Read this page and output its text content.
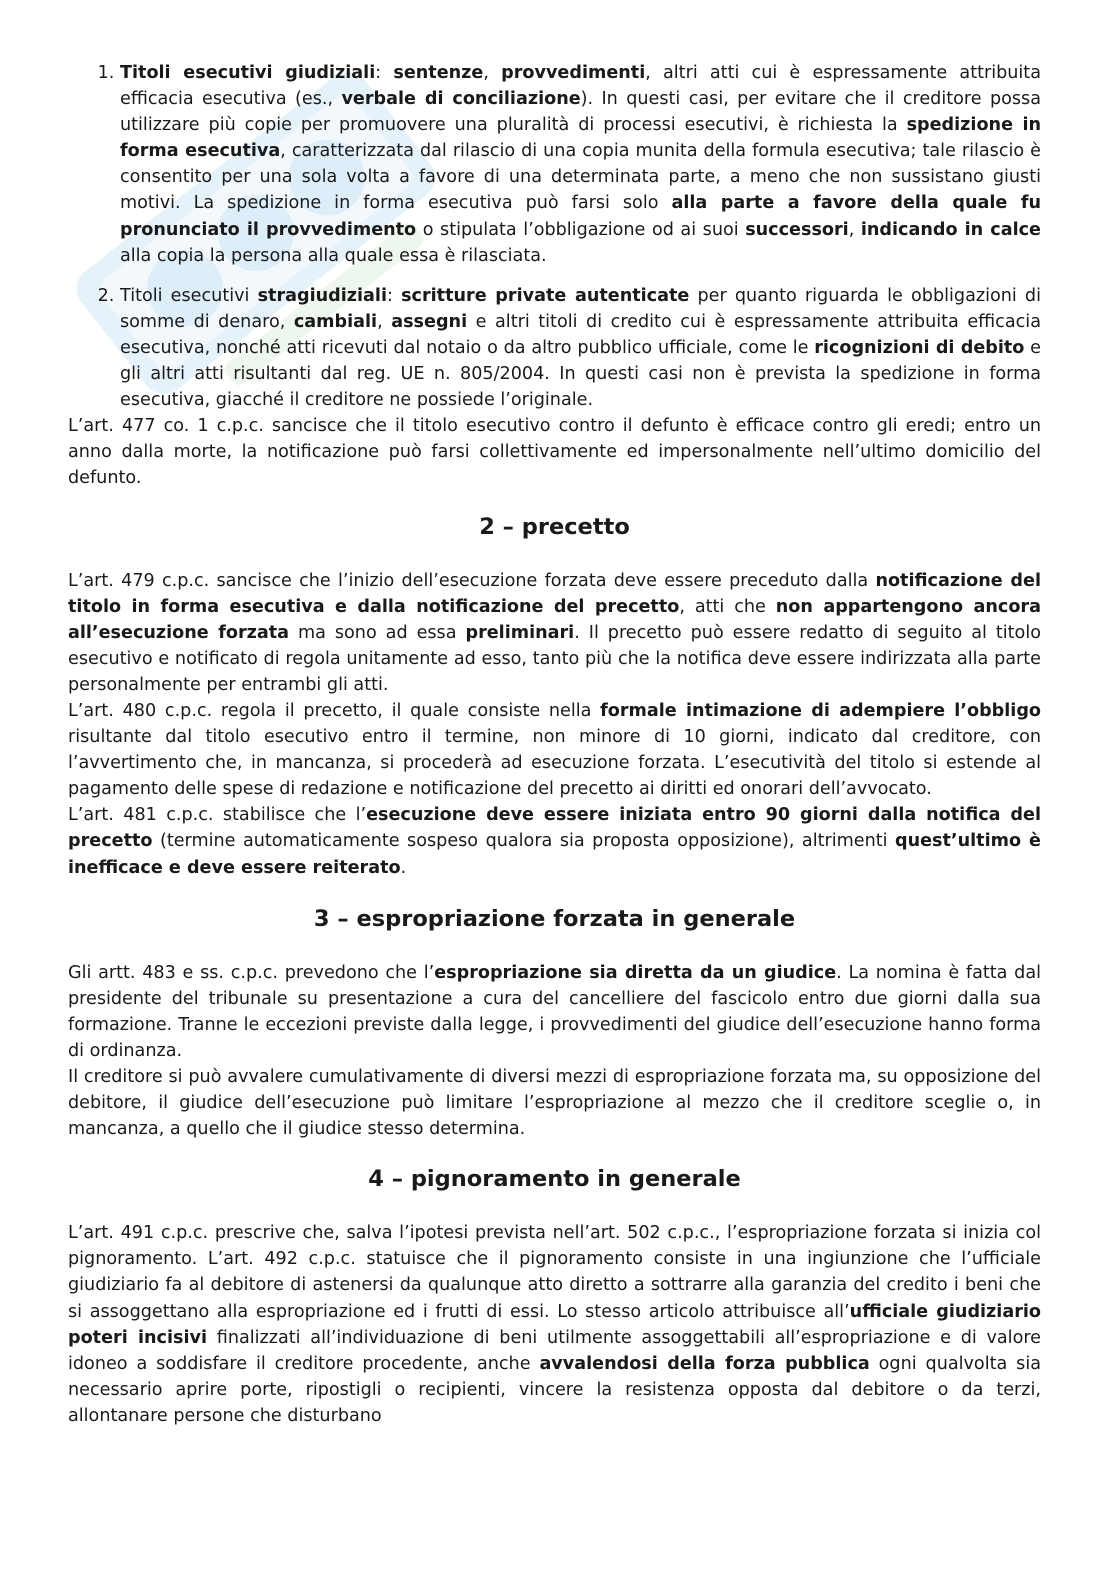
1. Titoli esecutivi giudiziali: sentenze, provvedimenti, altri atti cui è espressamente attribuita efficacia esecutiva (es., verbale di conciliazione). In questi casi, per evitare che il creditore possa utilizzare più copie per promuovere una pluralità di processi esecutivi, è richiesta la spedizione in forma esecutiva, caratterizzata dal rilascio di una copia munita della formula esecutiva; tale rilascio è consentito per una sola volta a favore di una determinata parte, a meno che non sussistano giusti motivi. La spedizione in forma esecutiva può farsi solo alla parte a favore della quale fu pronunciato il provvedimento o stipulata l’obbligazione od ai suoi successori, indicando in calce alla copia la persona alla quale essa è rilasciata.
2. Titoli esecutivi stragiudiziali: scritture private autenticate per quanto riguarda le obbligazioni di somme di denaro, cambiali, assegni e altri titoli di credito cui è espressamente attribuita efficacia esecutiva, nonché atti ricevuti dal notaio o da altro pubblico ufficiale, come le ricognizioni di debito e gli altri atti risultanti dal reg. UE n. 805/2004. In questi casi non è prevista la spedizione in forma esecutiva, giacché il creditore ne possiede l’originale.

L’art. 477 co. 1 c.p.c. sancisce che il titolo esecutivo contro il defunto è efficace contro gli eredi; entro un anno dalla morte, la notificazione può farsi collettivamente ed impersonalmente nell’ultimo domicilio del defunto.

2 – precetto

L’art. 479 c.p.c. sancisce che l’inizio dell’esecuzione forzata deve essere preceduto dalla notificazione del titolo in forma esecutiva e dalla notificazione del precetto, atti che non appartengono ancora all’esecuzione forzata ma sono ad essa preliminari. Il precetto può essere redatto di seguito al titolo esecutivo e notificato di regola unitamente ad esso, tanto più che la notifica deve essere indirizzata alla parte personalmente per entrambi gli atti.

L’art. 480 c.p.c. regola il precetto, il quale consiste nella formale intimazione di adempiere l’obbligo risultante dal titolo esecutivo entro il termine, non minore di 10 giorni, indicato dal creditore, con l’avvertimento che, in mancanza, si procederà ad esecuzione forzata. L’esecutività del titolo si estende al pagamento delle spese di redazione e notificazione del precetto ai diritti ed onorari dell’avvocato.

L’art. 481 c.p.c. stabilisce che l’esecuzione deve essere iniziata entro 90 giorni dalla notifica del precetto (termine automaticamente sospeso qualora sia proposta opposizione), altrimenti quest’ultimo è inefficace e deve essere reiterato.

3 – espropriazione forzata in generale

Gli artt. 483 e ss. c.p.c. prevedono che l’espropriazione sia diretta da un giudice. La nomina è fatta dal presidente del tribunale su presentazione a cura del cancelliere del fascicolo entro due giorni dalla sua formazione. Tranne le eccezioni previste dalla legge, i provvedimenti del giudice dell’esecuzione hanno forma di ordinanza.

Il creditore si può avvalere cumulativamente di diversi mezzi di espropriazione forzata ma, su opposizione del debitore, il giudice dell’esecuzione può limitare l’espropriazione al mezzo che il creditore sceglie o, in mancanza, a quello che il giudice stesso determina.

4 – pignoramento in generale

L’art. 491 c.p.c. prescrive che, salva l’ipotesi prevista nell’art. 502 c.p.c., l’espropriazione forzata si inizia col pignoramento. L’art. 492 c.p.c. statuisce che il pignoramento consiste in una ingiunzione che l’ufficiale giudiziario fa al debitore di astenersi da qualunque atto diretto a sottrarre alla garanzia del credito i beni che si assoggettano alla espropriazione ed i frutti di essi. Lo stesso articolo attribuisce all’ufficiale giudiziario poteri incisivi finalizzati all’individuazione di beni utilmente assoggettabili all’espropriazione e di valore idoneo a soddisfare il creditore procedente, anche avvalendosi della forza pubblica ogni qualvolta sia necessario aprire porte, ripostigli o recipienti, vincere la resistenza opposta dal debitore o da terzi, allontanare persone che disturbano
